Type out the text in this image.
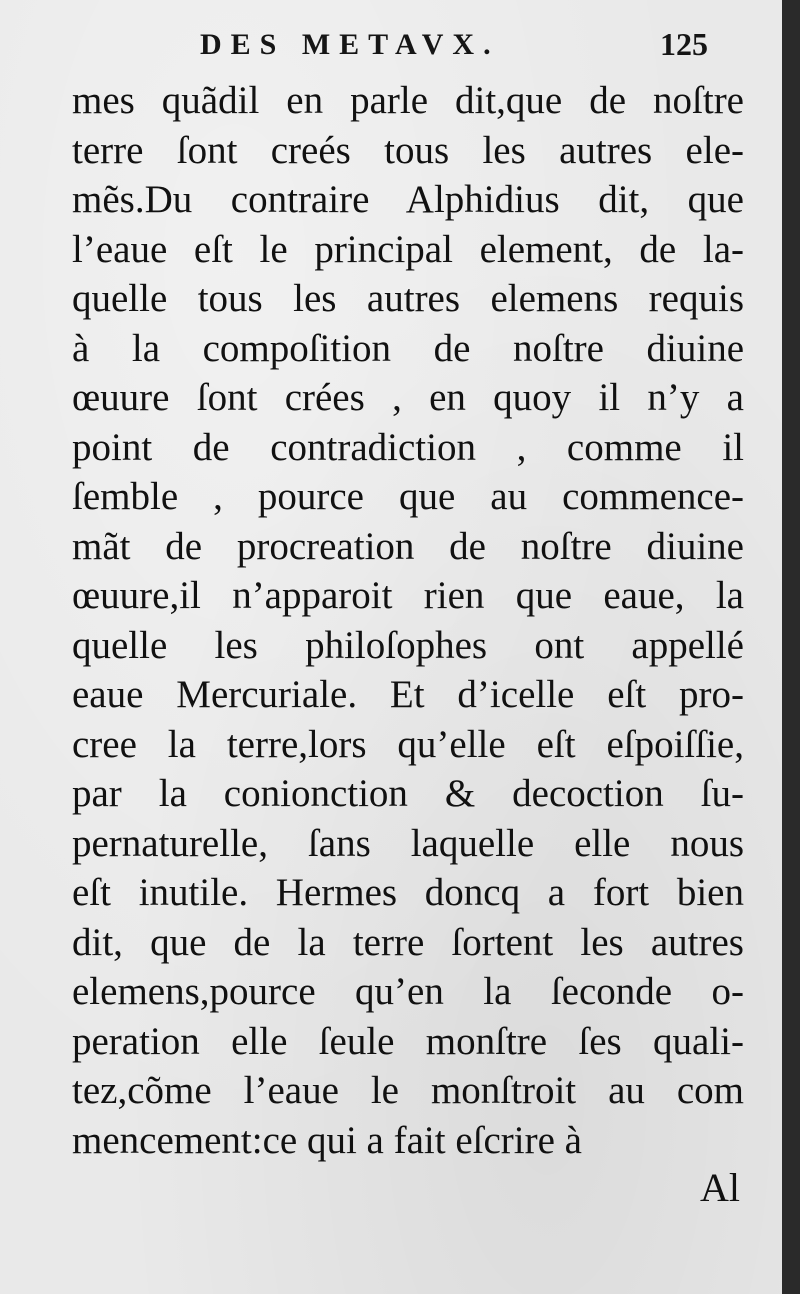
DES METAVX.	125
mes quãdil en parle dit,que de noſtre
terre ſont creés tous les autres ele-
mẽs.Du contraire Alphidius dit, que
l’eaue eſt le principal element, de la-
quelle tous les autres elemens requis
à la compoſition de noſtre diuine
œuure ſont crées , en quoy il n’y a
point de contradiction , comme il
ſemble , pource que au commence-
mãt de procreation de noſtre diuine
œuure,il n’apparoit rien que eaue, la
quelle les philoſophes ont appellé
eaue Mercuriale. Et d’icelle eſt pro-
cree la terre,lors qu’elle eſt eſpoiſſie,
par la conionction & decoction ſu-
pernaturelle, ſans laquelle elle nous
eſt inutile. Hermes doncq a fort bien
dit, que de la terre ſortent les autres
elemens,pource qu’en la ſeconde o-
peration elle ſeule monſtre ſes quali-
tez,cõme l’eaue le monſtroit au com
mencement:ce qui a fait eſcrire à
Al
